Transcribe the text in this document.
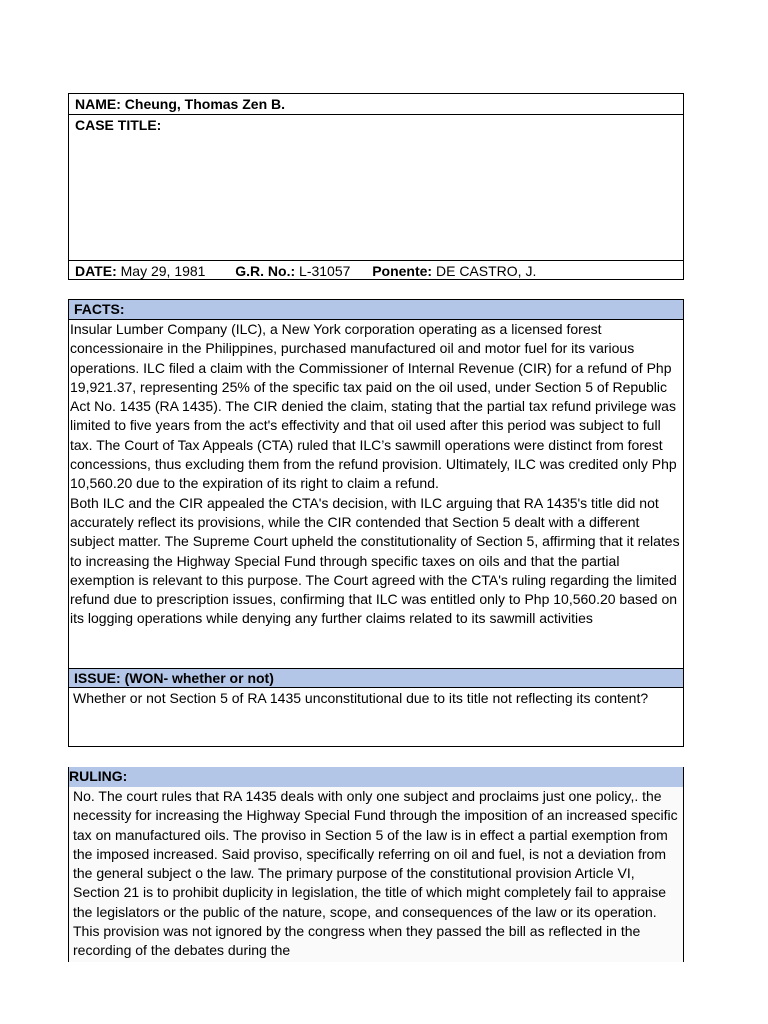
NAME: Cheung, Thomas Zen B.
CASE TITLE:
DATE: May 29, 1981 G.R. No.: L-31057 Ponente: DE CASTRO, J.
FACTS:

Insular Lumber Company (ILC), a New York corporation operating as a licensed forest concessionaire in the Philippines, purchased manufactured oil and motor fuel for its various operations. ILC filed a claim with the Commissioner of Internal Revenue (CIR) for a refund of Php 19,921.37, representing 25% of the specific tax paid on the oil used, under Section 5 of Republic Act No. 1435 (RA 1435). The CIR denied the claim, stating that the partial tax refund privilege was limited to five years from the act's effectivity and that oil used after this period was subject to full tax. The Court of Tax Appeals (CTA) ruled that ILC’s sawmill operations were distinct from forest concessions, thus excluding them from the refund provision. Ultimately, ILC was credited only Php 10,560.20 due to the expiration of its right to claim a refund.

Both ILC and the CIR appealed the CTA's decision, with ILC arguing that RA 1435's title did not accurately reflect its provisions, while the CIR contended that Section 5 dealt with a different subject matter. The Supreme Court upheld the constitutionality of Section 5, affirming that it relates to increasing the Highway Special Fund through specific taxes on oils and that the partial exemption is relevant to this purpose. The Court agreed with the CTA's ruling regarding the limited refund due to prescription issues, confirming that ILC was entitled only to Php 10,560.20 based on its logging operations while denying any further claims related to its sawmill activities

ISSUE: (WON- whether or not)

Whether or not Section 5 of RA 1435 unconstitutional due to its title not reflecting its content?

RULING:

No. The court rules that RA 1435 deals with only one subject and proclaims just one policy,. the necessity for increasing the Highway Special Fund through the imposition of an increased specific tax on manufactured oils. The proviso in Section 5 of the law is in effect a partial exemption from the imposed increased. Said proviso, specifically referring on oil and fuel, is not a deviation from the general subject o the law. The primary purpose of the constitutional provision Article VI, Section 21 is to prohibit duplicity in legislation, the title of which might completely fail to appraise the legislators or the public of the nature, scope, and consequences of the law or its operation. This provision was not ignored by the congress when they passed the bill as reflected in the recording of the debates during the
